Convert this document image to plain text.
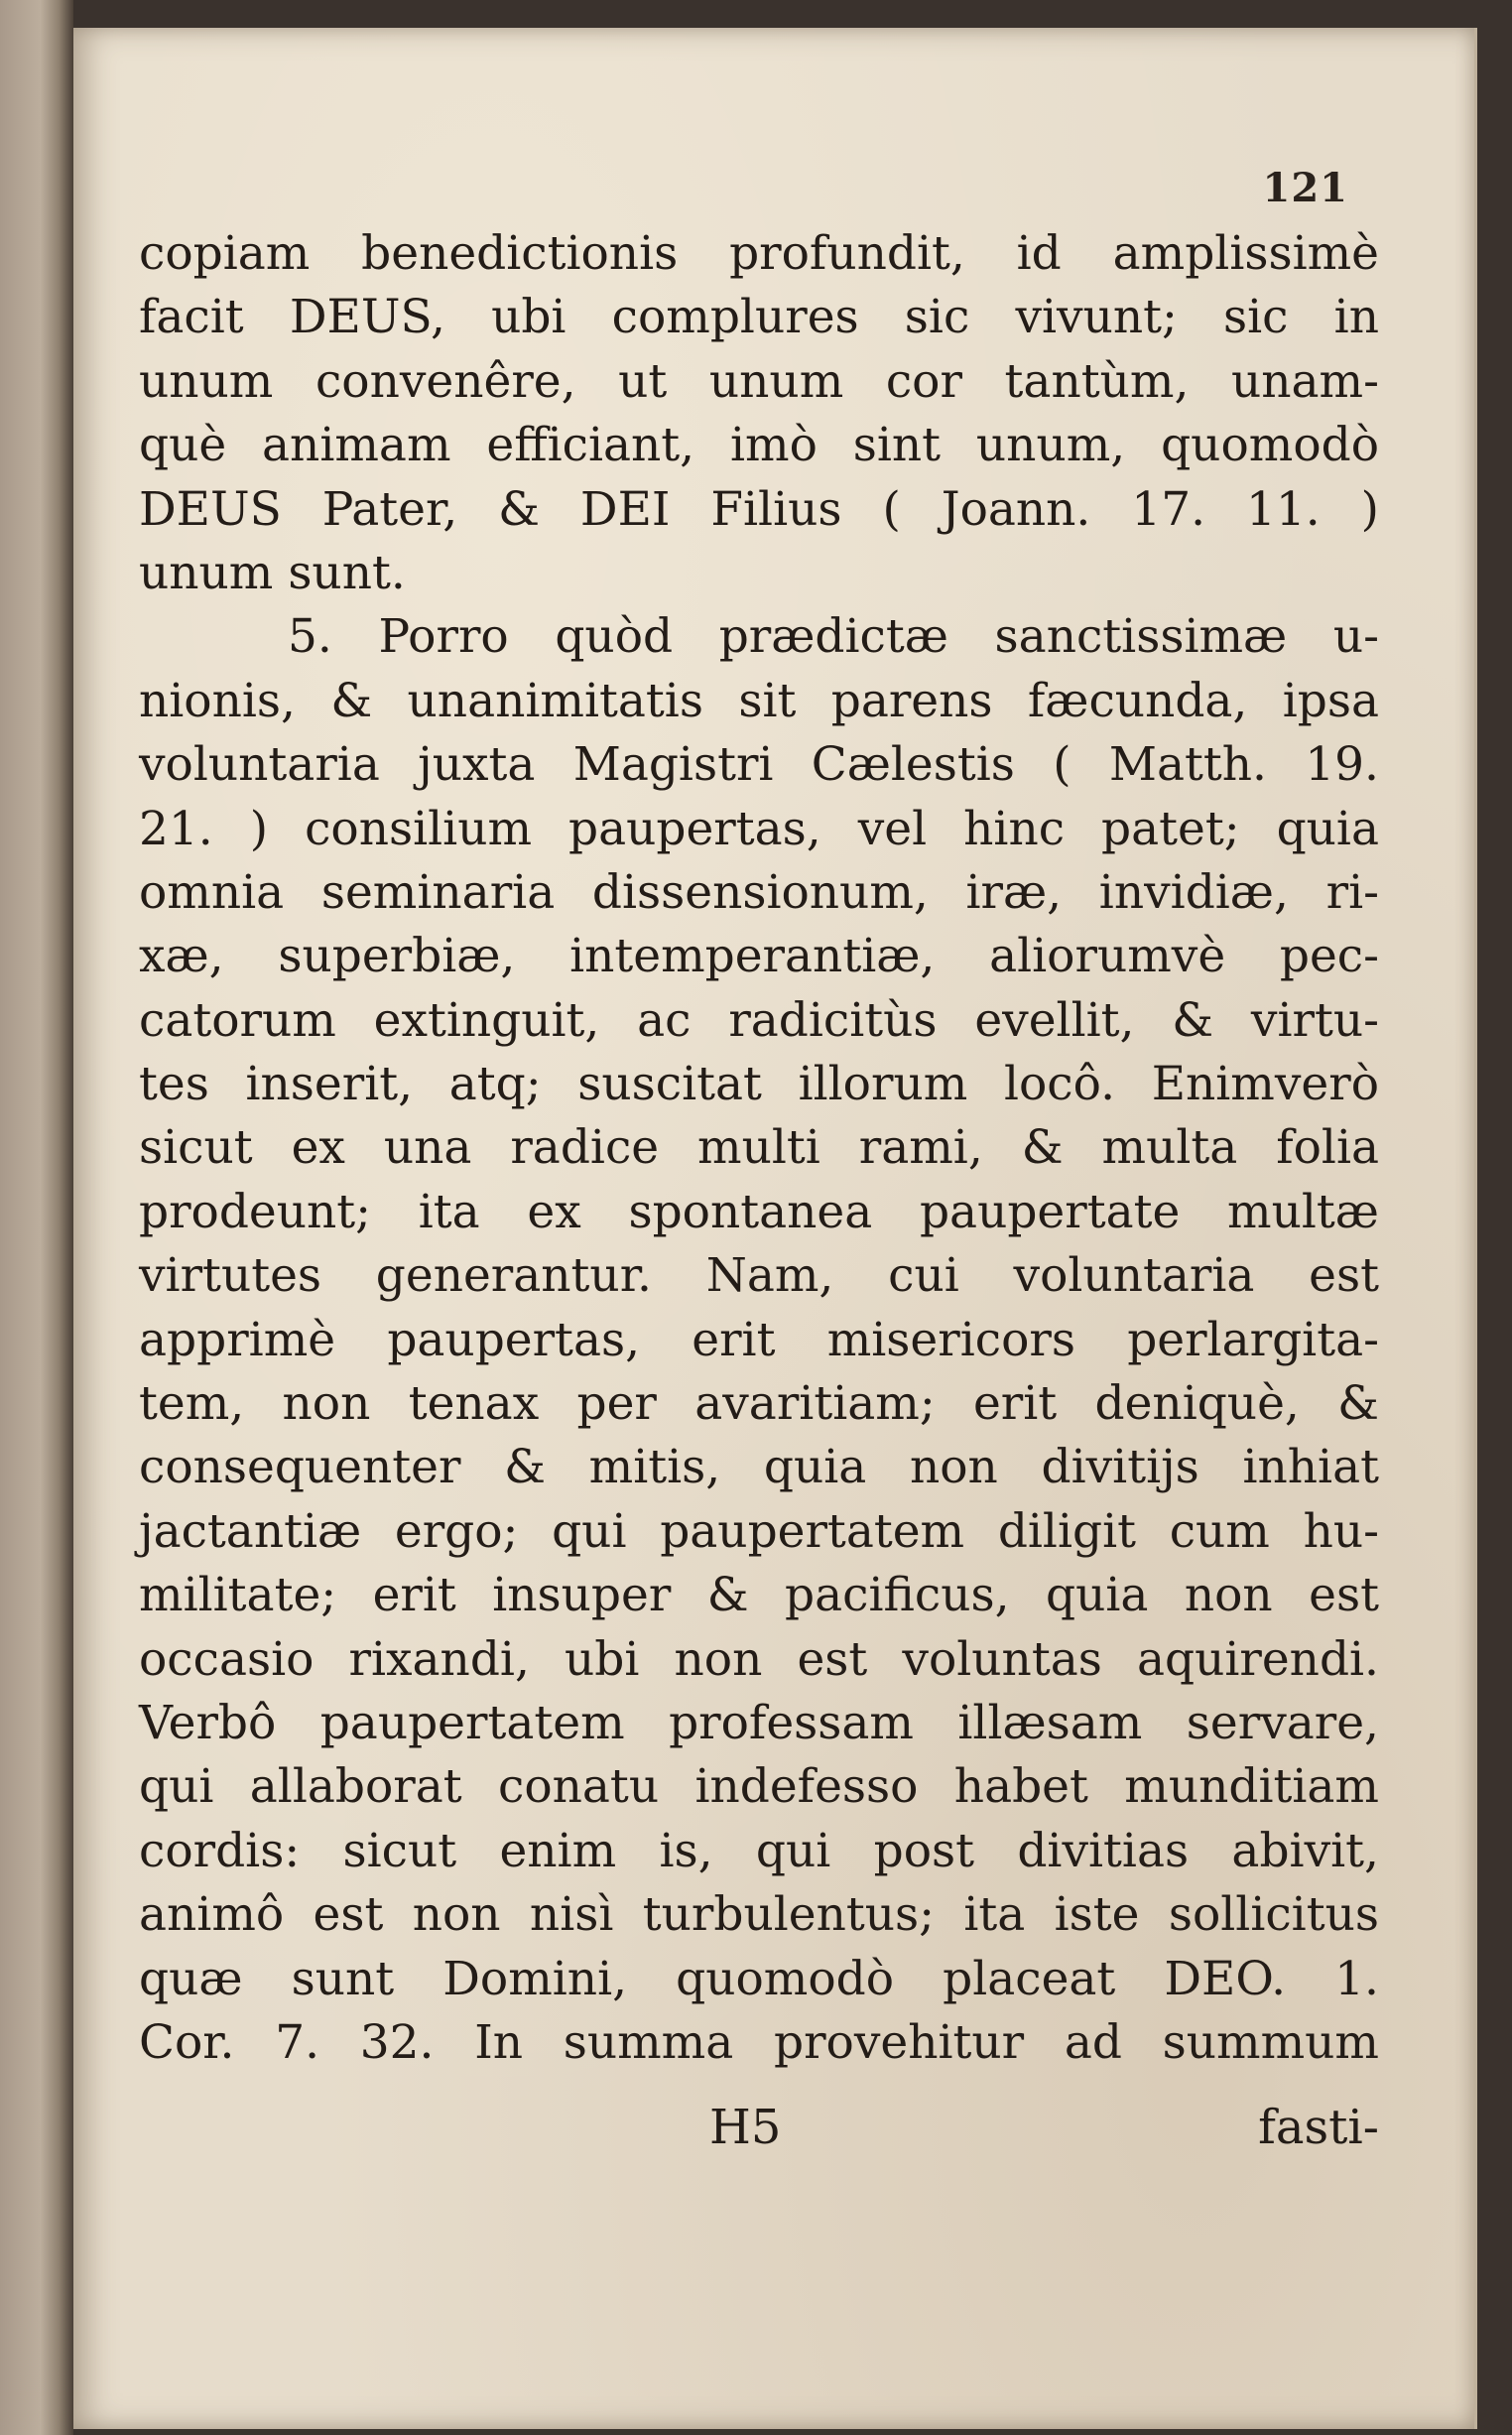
121
copiam benedictionis profundit, id amplissimè
facit DEUS, ubi complures sic vivunt; sic in
unum convenêre, ut unum cor tantùm, unam-
què animam efficiant, imò sint unum, quomodò
DEUS Pater, & DEI Filius ( Joann. 17. 11. )
unum sunt.
5. Porro quòd prædictæ sanctissimæ u-
nionis, & unanimitatis sit parens fæcunda, ipsa
voluntaria juxta Magistri Cælestis ( Matth. 19.
21. ) consilium paupertas, vel hinc patet; quia
omnia seminaria dissensionum, iræ, invidiæ, ri-
xæ, superbiæ, intemperantiæ, aliorumvè pec-
catorum extinguit, ac radicitùs evellit, & virtu-
tes inserit, atq; suscitat illorum locô. Enimverò
sicut ex una radice multi rami, & multa folia
prodeunt; ita ex spontanea paupertate multæ
virtutes generantur. Nam, cui voluntaria est
apprimè paupertas, erit misericors perlargita-
tem, non tenax per avaritiam; erit deniquè, &
consequenter & mitis, quia non divitijs inhiat
jactantiæ ergo; qui paupertatem diligit cum hu-
militate; erit insuper & pacificus, quia non est
occasio rixandi, ubi non est voluntas aquirendi.
Verbô paupertatem professam illæsam servare,
qui allaborat conatu indefesso habet munditiam
cordis: sicut enim is, qui post divitias abivit,
animô est non nisì turbulentus; ita iste sollicitus
quæ sunt Domini, quomodò placeat DEO. 1.
Cor. 7. 32. In summa provehitur ad summum
H5	fasti-
